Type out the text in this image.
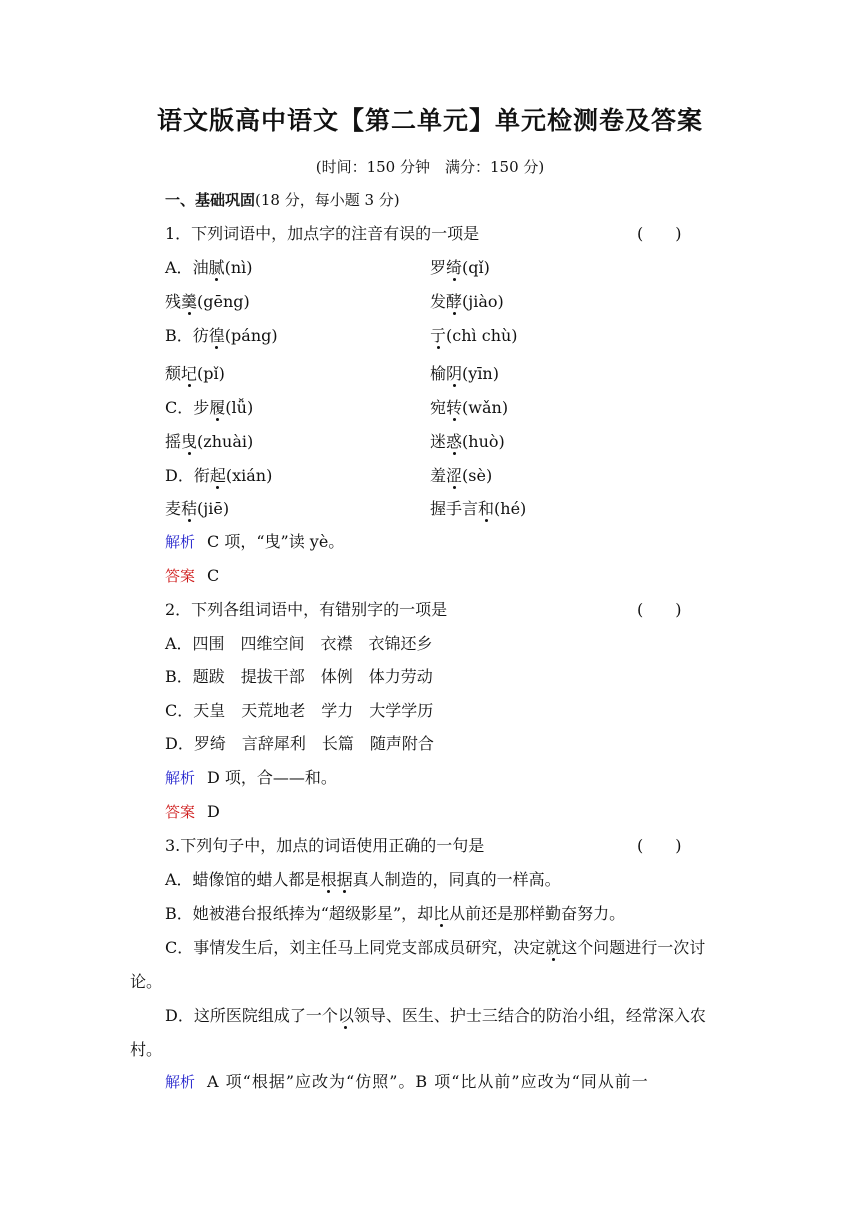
语文版高中语文【第二单元】单元检测卷及答案
(时间：150 分钟　满分：150 分)
一、基础巩固(18 分，每小题 3 分)
1．下列词语中，加点字的注音有误的一项是	(　　)
A．油腻(nì)	罗绮(qǐ)
残羹(gēng)	发酵(jiào)
B．彷徨(páng)	亍(chì chù)
颓圮(pǐ)	榆阴(yīn)
C．步履(lǚ)	宛转(wǎn)
摇曳(zhuài)	迷惑(huò)
D．衔起(xián)	羞涩(sè)
麦秸(jiē)	握手言和(hé)
解析 C 项，“曳”读 yè。
答案 C
2．下列各组词语中，有错别字的一项是	(　　)
A．四围　四维空间　衣襟　衣锦还乡
B．题跋　提拔干部　体例　体力劳动
C．天皇　天荒地老　学力　大学学历
D．罗绮　言辞犀利　长篇　随声附合
解析 D 项，合——和。
答案 D
3.下列句子中，加点的词语使用正确的一句是	(　　)
A．蜡像馆的蜡人都是根据真人制造的，同真的一样高。
B．她被港台报纸捧为“超级影星”，却比从前还是那样勤奋努力。
C．事情发生后，刘主任马上同党支部成员研究，决定就这个问题进行一次讨论。
D．这所医院组成了一个以领导、医生、护士三结合的防治小组，经常深入农村。
解析 A 项“根据”应改为“仿照”。B 项“比从前”应改为“同从前一
